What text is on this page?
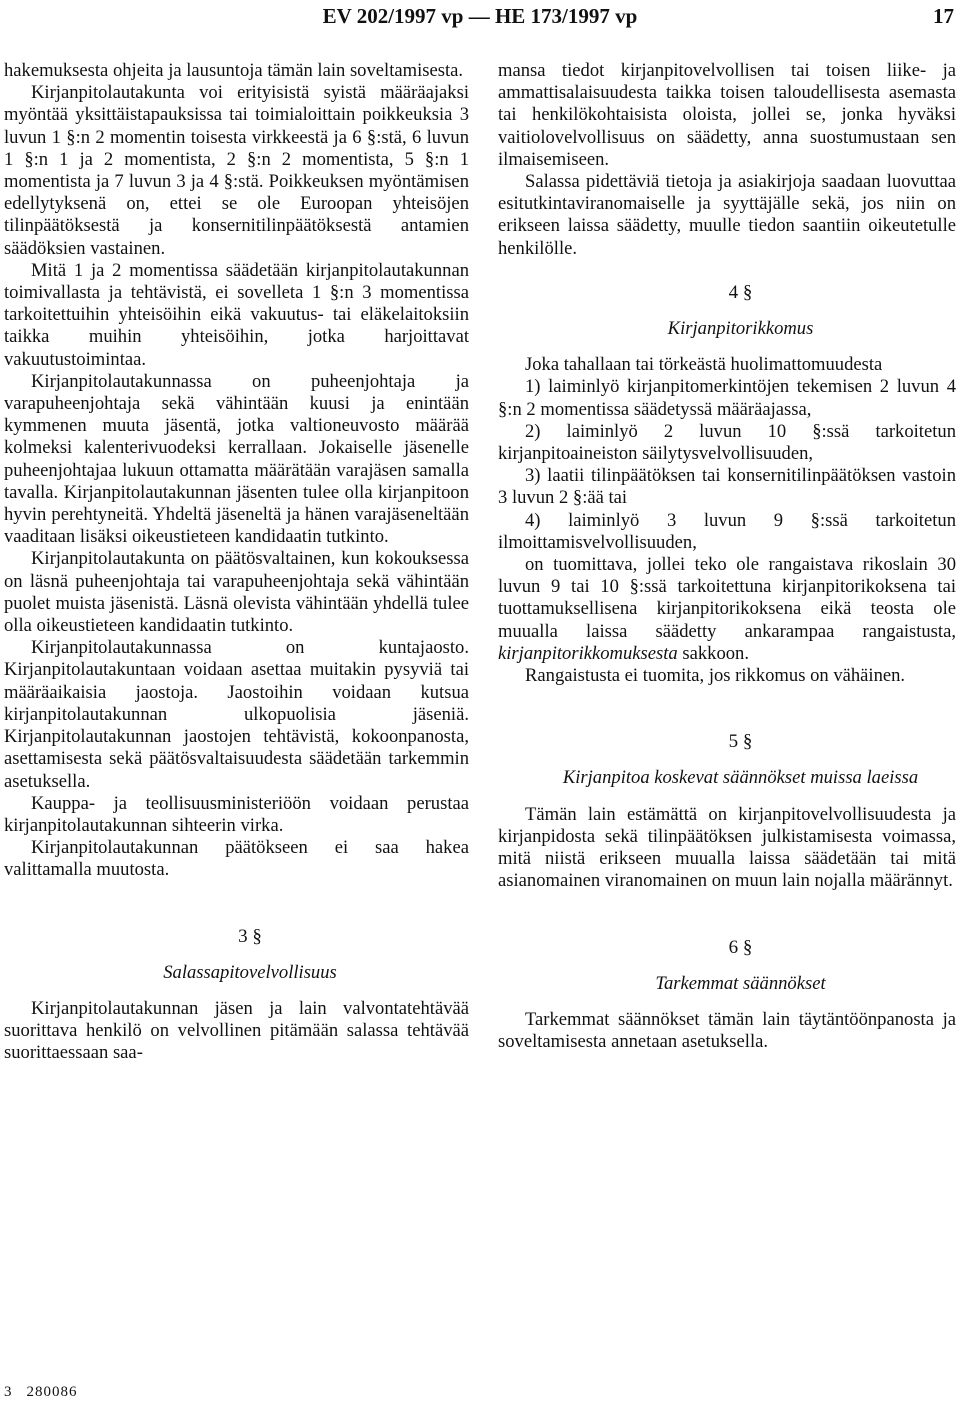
EV 202/1997 vp — HE 173/1997 vp	17

hakemuksesta ohjeita ja lausuntoja tämän lain soveltamisesta.

Kirjanpitolautakunta voi erityisistä syistä määräajaksi myöntää yksittäistapauksissa tai toimialoittain poikkeuksia 3 luvun 1 §:n 2 momentin toisesta virkkeestä ja 6 §:stä, 6 luvun 1 §:n 1 ja 2 momentista, 2 §:n 2 momentista, 5 §:n 1 momentista ja 7 luvun 3 ja 4 §:stä. Poikkeuksen myöntämisen edellytyksenä on, ettei se ole Euroopan yhteisöjen tilinpäätöksestä ja konsernitilinpäätöksestä antamien säädöksien vastainen.

Mitä 1 ja 2 momentissa säädetään kirjanpitolautakunnan toimivallasta ja tehtävistä, ei sovelleta 1 §:n 3 momentissa tarkoitettuihin yhteisöihin eikä vakuutus- tai eläkelaitoksiin taikka muihin yhteisöihin, jotka harjoittavat vakuutustoimintaa.

Kirjanpitolautakunnassa on puheenjohtaja ja varapuheenjohtaja sekä vähintään kuusi ja enintään kymmenen muuta jäsentä, jotka valtioneuvosto määrää kolmeksi kalenterivuodeksi kerrallaan. Jokaiselle jäsenelle puheenjohtajaa lukuun ottamatta määrätään varajäsen samalla tavalla. Kirjanpitolautakunnan jäsenten tulee olla kirjanpitoon hyvin perehtyneitä. Yhdeltä jäseneltä ja hänen varajäseneltään vaaditaan lisäksi oikeustieteen kandidaatin tutkinto.

Kirjanpitolautakunta on päätösvaltainen, kun kokouksessa on läsnä puheenjohtaja tai varapuheenjohtaja sekä vähintään puolet muista jäsenistä. Läsnä olevista vähintään yhdellä tulee olla oikeustieteen kandidaatin tutkinto.

Kirjanpitolautakunnassa on kuntajaosto. Kirjanpitolautakuntaan voidaan asettaa muitakin pysyviä tai määräaikaisia jaostoja. Jaostoihin voidaan kutsua kirjanpitolautakunnan ulkopuolisia jäseniä. Kirjanpitolautakunnan jaostojen tehtävistä, kokoonpanosta, asettamisesta sekä päätösvaltaisuudesta säädetään tarkemmin asetuksella.

Kauppa- ja teollisuusministeriöön voidaan perustaa kirjanpitolautakunnan sihteerin virka.

Kirjanpitolautakunnan päätökseen ei saa hakea valittamalla muutosta.

3 §

Salassapitovelvollisuus

Kirjanpitolautakunnan jäsen ja lain valvontatehtävää suorittava henkilö on velvollinen pitämään salassa tehtävää suorittaessaan saa-

mansa tiedot kirjanpitovelvollisen tai toisen liike- ja ammattisalaisuudesta taikka toisen taloudellisesta asemasta tai henkilökohtaisista oloista, jollei se, jonka hyväksi vaitiolovelvollisuus on säädetty, anna suostumustaan sen ilmaisemiseen.

Salassa pidettäviä tietoja ja asiakirjoja saadaan luovuttaa esitutkintaviranomaiselle ja syyttäjälle sekä, jos niin on erikseen laissa säädetty, muulle tiedon saantiin oikeutetulle henkilölle.

4 §

Kirjanpitorikkomus

Joka tahallaan tai törkeästä huolimattomuudesta

1) laiminlyö kirjanpitomerkintöjen tekemisen 2 luvun 4 §:n 2 momentissa säädetyssä määräajassa,

2) laiminlyö 2 luvun 10 §:ssä tarkoitetun kirjanpitoaineiston säilytysvelvollisuuden,

3) laatii tilinpäätöksen tai konsernitilinpäätöksen vastoin 3 luvun 2 §:ää tai

4) laiminlyö 3 luvun 9 §:ssä tarkoitetun ilmoittamisvelvollisuuden,

on tuomittava, jollei teko ole rangaistava rikoslain 30 luvun 9 tai 10 §:ssä tarkoitettuna kirjanpitorikoksena tai tuottamuksellisena kirjanpitorikoksena eikä teosta ole muualla laissa säädetty ankarampaa rangaistusta, kirjanpitorikkomuksesta sakkoon.

Rangaistusta ei tuomita, jos rikkomus on vähäinen.

5 §

Kirjanpitoa koskevat säännökset muissa laeissa

Tämän lain estämättä on kirjanpitovelvollisuudesta ja kirjanpidosta sekä tilinpäätöksen julkistamisesta voimassa, mitä niistä erikseen muualla laissa säädetään tai mitä asianomainen viranomainen on muun lain nojalla määrännyt.

6 §

Tarkemmat säännökset

Tarkemmat säännökset tämän lain täytäntöönpanosta ja soveltamisesta annetaan asetuksella.

3 280086
